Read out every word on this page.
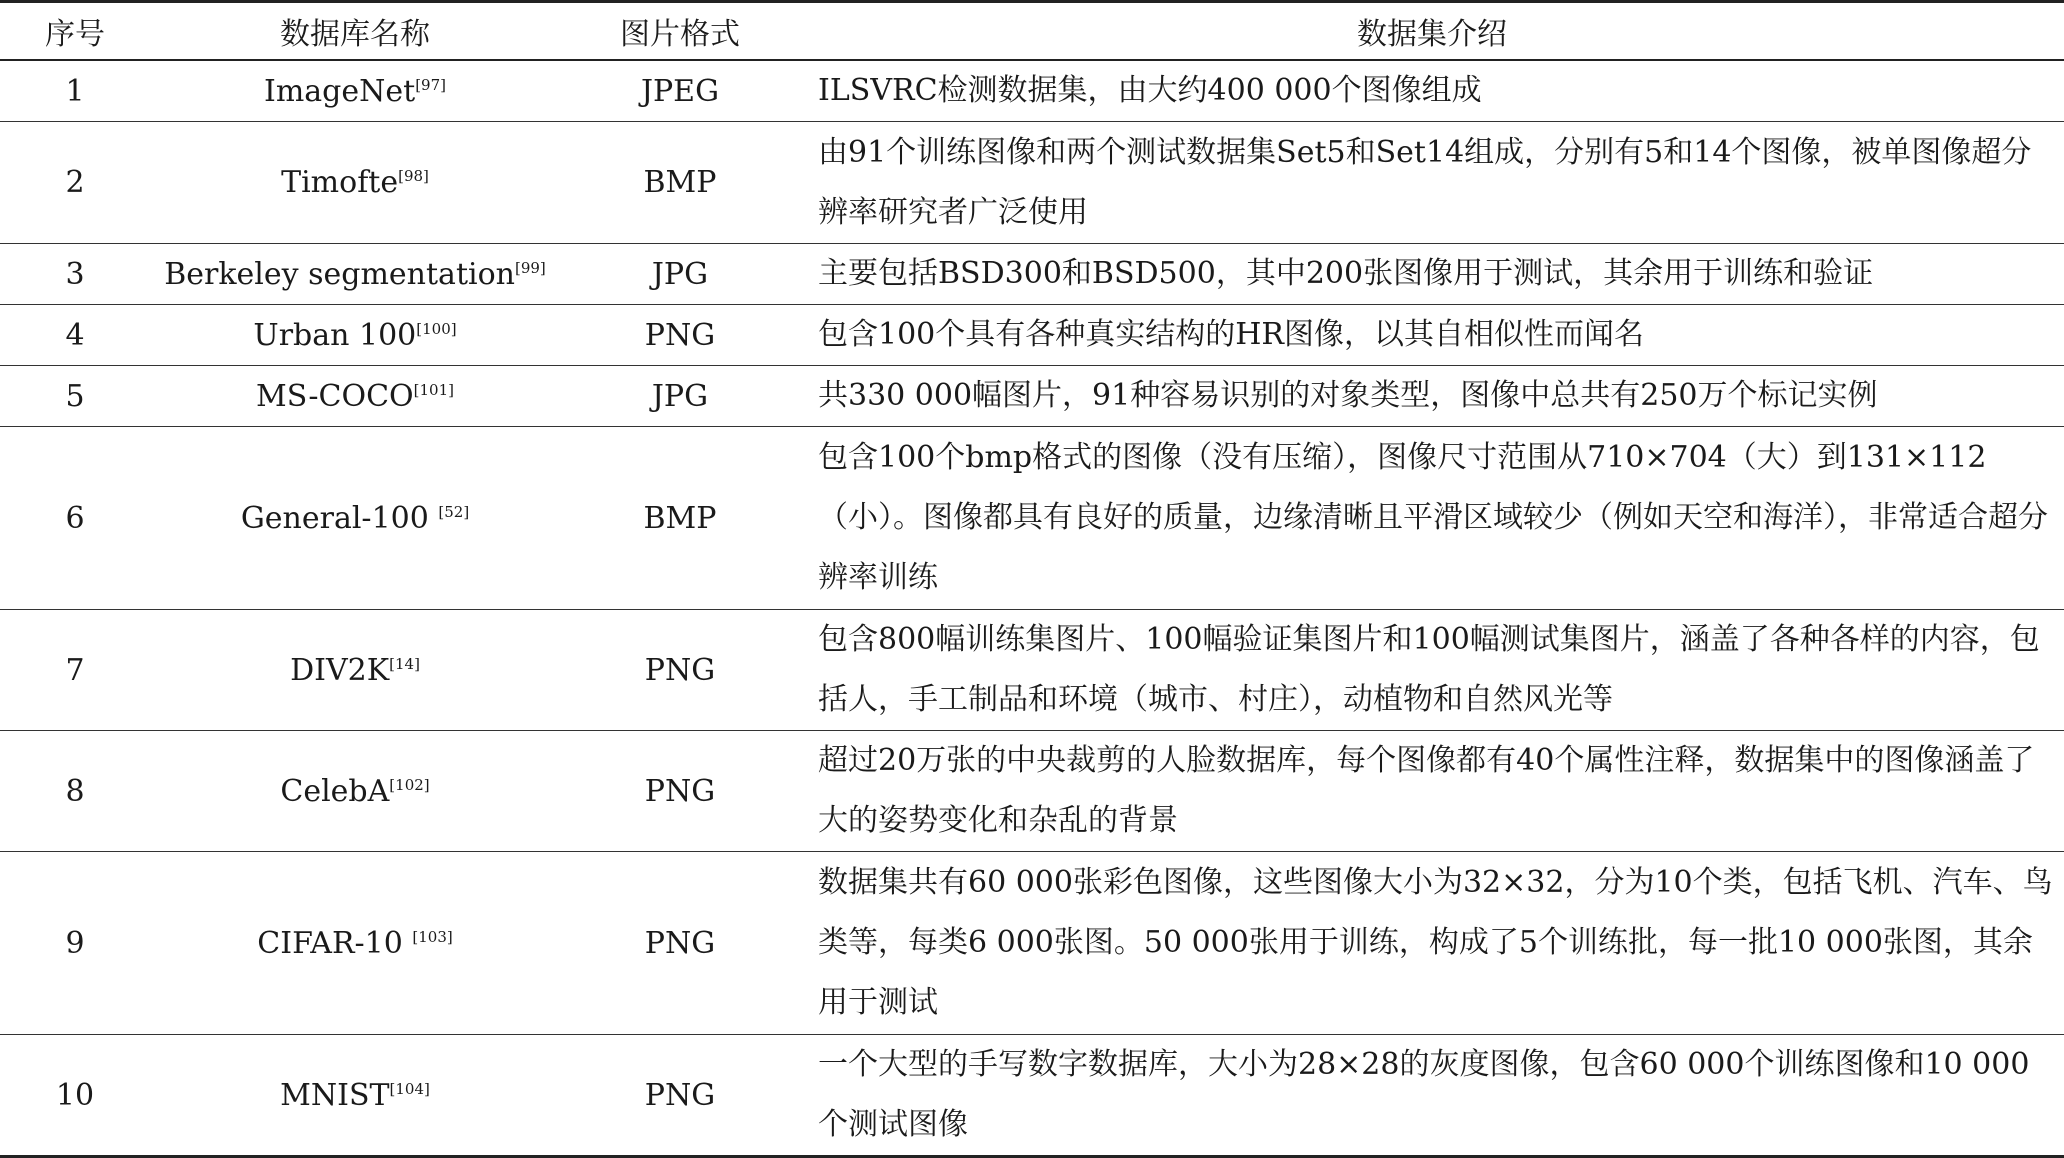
序号	数据库名称	图片格式	数据集介绍
1	ImageNet[97]	JPEG	ILSVRC检测数据集，由大约400 000个图像组成
2	Timofte[98]	BMP	由91个训练图像和两个测试数据集Set5和Set14组成，分别有5和14个图像，被单图像超分辨率研究者广泛使用
3	Berkeley segmentation[99]	JPG	主要包括BSD300和BSD500，其中200张图像用于测试，其余用于训练和验证
4	Urban 100[100]	PNG	包含100个具有各种真实结构的HR图像，以其自相似性而闻名
5	MS-COCO[101]	JPG	共330 000幅图片，91种容易识别的对象类型，图像中总共有250万个标记实例
6	General-100 [52]	BMP	包含100个bmp格式的图像（没有压缩），图像尺寸范围从710×704（大）到131×112（小）。图像都具有良好的质量，边缘清晰且平滑区域较少（例如天空和海洋），非常适合超分辨率训练
7	DIV2K[14]	PNG	包含800幅训练集图片、100幅验证集图片和100幅测试集图片，涵盖了各种各样的内容，包括人，手工制品和环境（城市、村庄），动植物和自然风光等
8	CelebA[102]	PNG	超过20万张的中央裁剪的人脸数据库，每个图像都有40个属性注释，数据集中的图像涵盖了大的姿势变化和杂乱的背景
9	CIFAR-10 [103]	PNG	数据集共有60 000张彩色图像，这些图像大小为32×32，分为10个类，包括飞机、汽车、鸟类等，每类6 000张图。50 000张用于训练，构成了5个训练批，每一批10 000张图，其余用于测试
10	MNIST[104]	PNG	一个大型的手写数字数据库，大小为28×28的灰度图像，包含60 000个训练图像和10 000个测试图像
